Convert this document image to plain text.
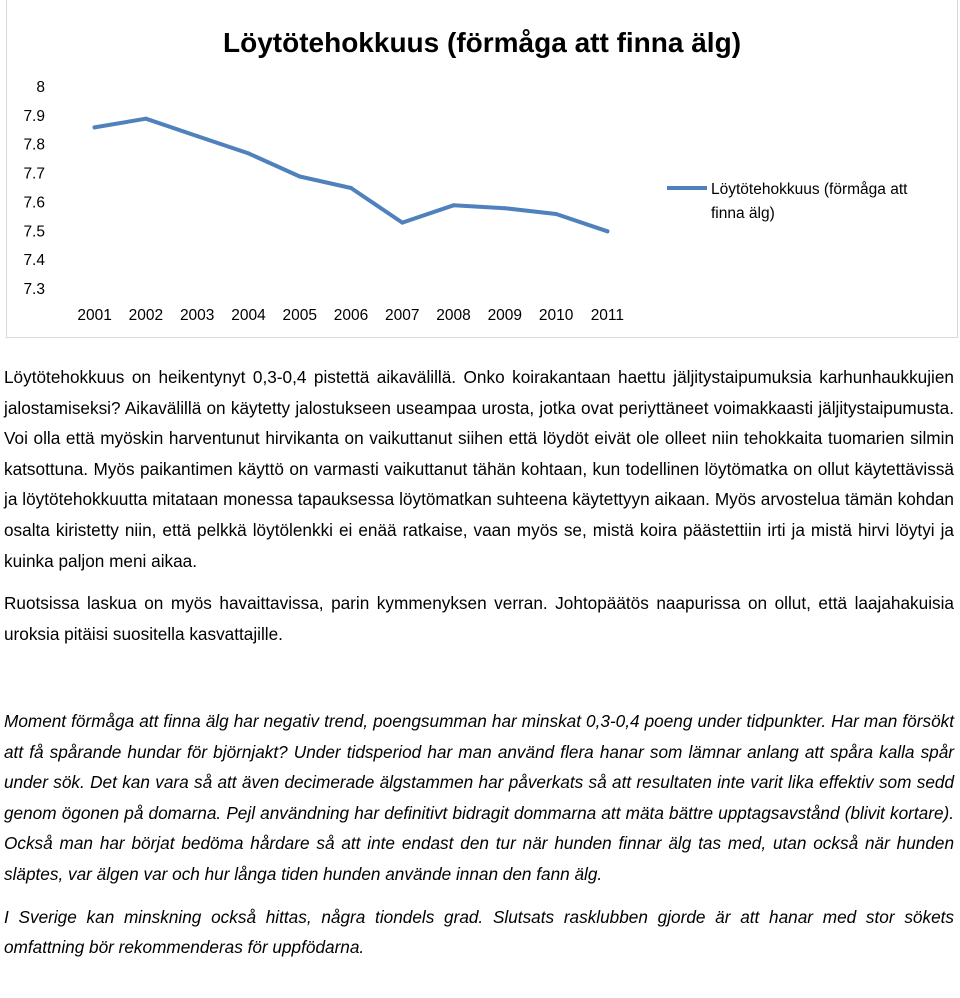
Löytötehokkuus (förmåga att finna älg)
8
7.9
7.8
7.7
7.6
7.5
7.4
7.3
2001 2002 2003 2004 2005 2006 2007 2008 2009 2010 2011
Löytötehokkuus (förmåga att
finna älg)

Löytötehokkuus on heikentynyt 0,3-0,4 pistettä aikavälillä. Onko koirakantaan haettu jäljitystaipumuksia karhunhaukkujien jalostamiseksi? Aikavälillä on käytetty jalostukseen useampaa urosta, jotka ovat periyttäneet voimakkaasti jäljitystaipumusta. Voi olla että myöskin harventunut hirvikanta on vaikuttanut siihen että löydöt eivät ole olleet niin tehokkaita tuomarien silmin katsottuna. Myös paikantimen käyttö on varmasti vaikuttanut tähän kohtaan, kun todellinen löytömatka on ollut käytettävissä ja löytötehokkuutta mitataan monessa tapauksessa löytömatkan suhteena käytettyyn aikaan. Myös arvostelua tämän kohdan osalta kiristetty niin, että pelkkä löytölenkki ei enää ratkaise, vaan myös se, mistä koira päästettiin irti ja mistä hirvi löytyi ja kuinka paljon meni aikaa.

Ruotsissa laskua on myös havaittavissa, parin kymmenyksen verran. Johtopäätös naapurissa on ollut, että laajahakuisia uroksia pitäisi suositella kasvattajille.

Moment förmåga att finna älg har negativ trend, poengsumman har minskat 0,3-0,4 poeng under tidpunkter. Har man försökt att få spårande hundar för björnjakt? Under tidsperiod har man använd flera hanar som lämnar anlang att spåra kalla spår under sök. Det kan vara så att även decimerade älgstammen har påverkats så att resultaten inte varit lika effektiv som sedd genom ögonen på domarna. Pejl användning har definitivt bidragit dommarna att mäta bättre upptagsavstånd (blivit kortare). Också man har börjat bedöma hårdare så att inte endast den tur när hunden finnar älg tas med, utan också när hunden släptes, var älgen var och hur långa tiden hunden använde innan den fann älg.

I Sverige kan minskning också hittas, några tiondels grad. Slutsats rasklubben gjorde är att hanar med stor sökets omfattning bör rekommenderas för uppfödarna.
